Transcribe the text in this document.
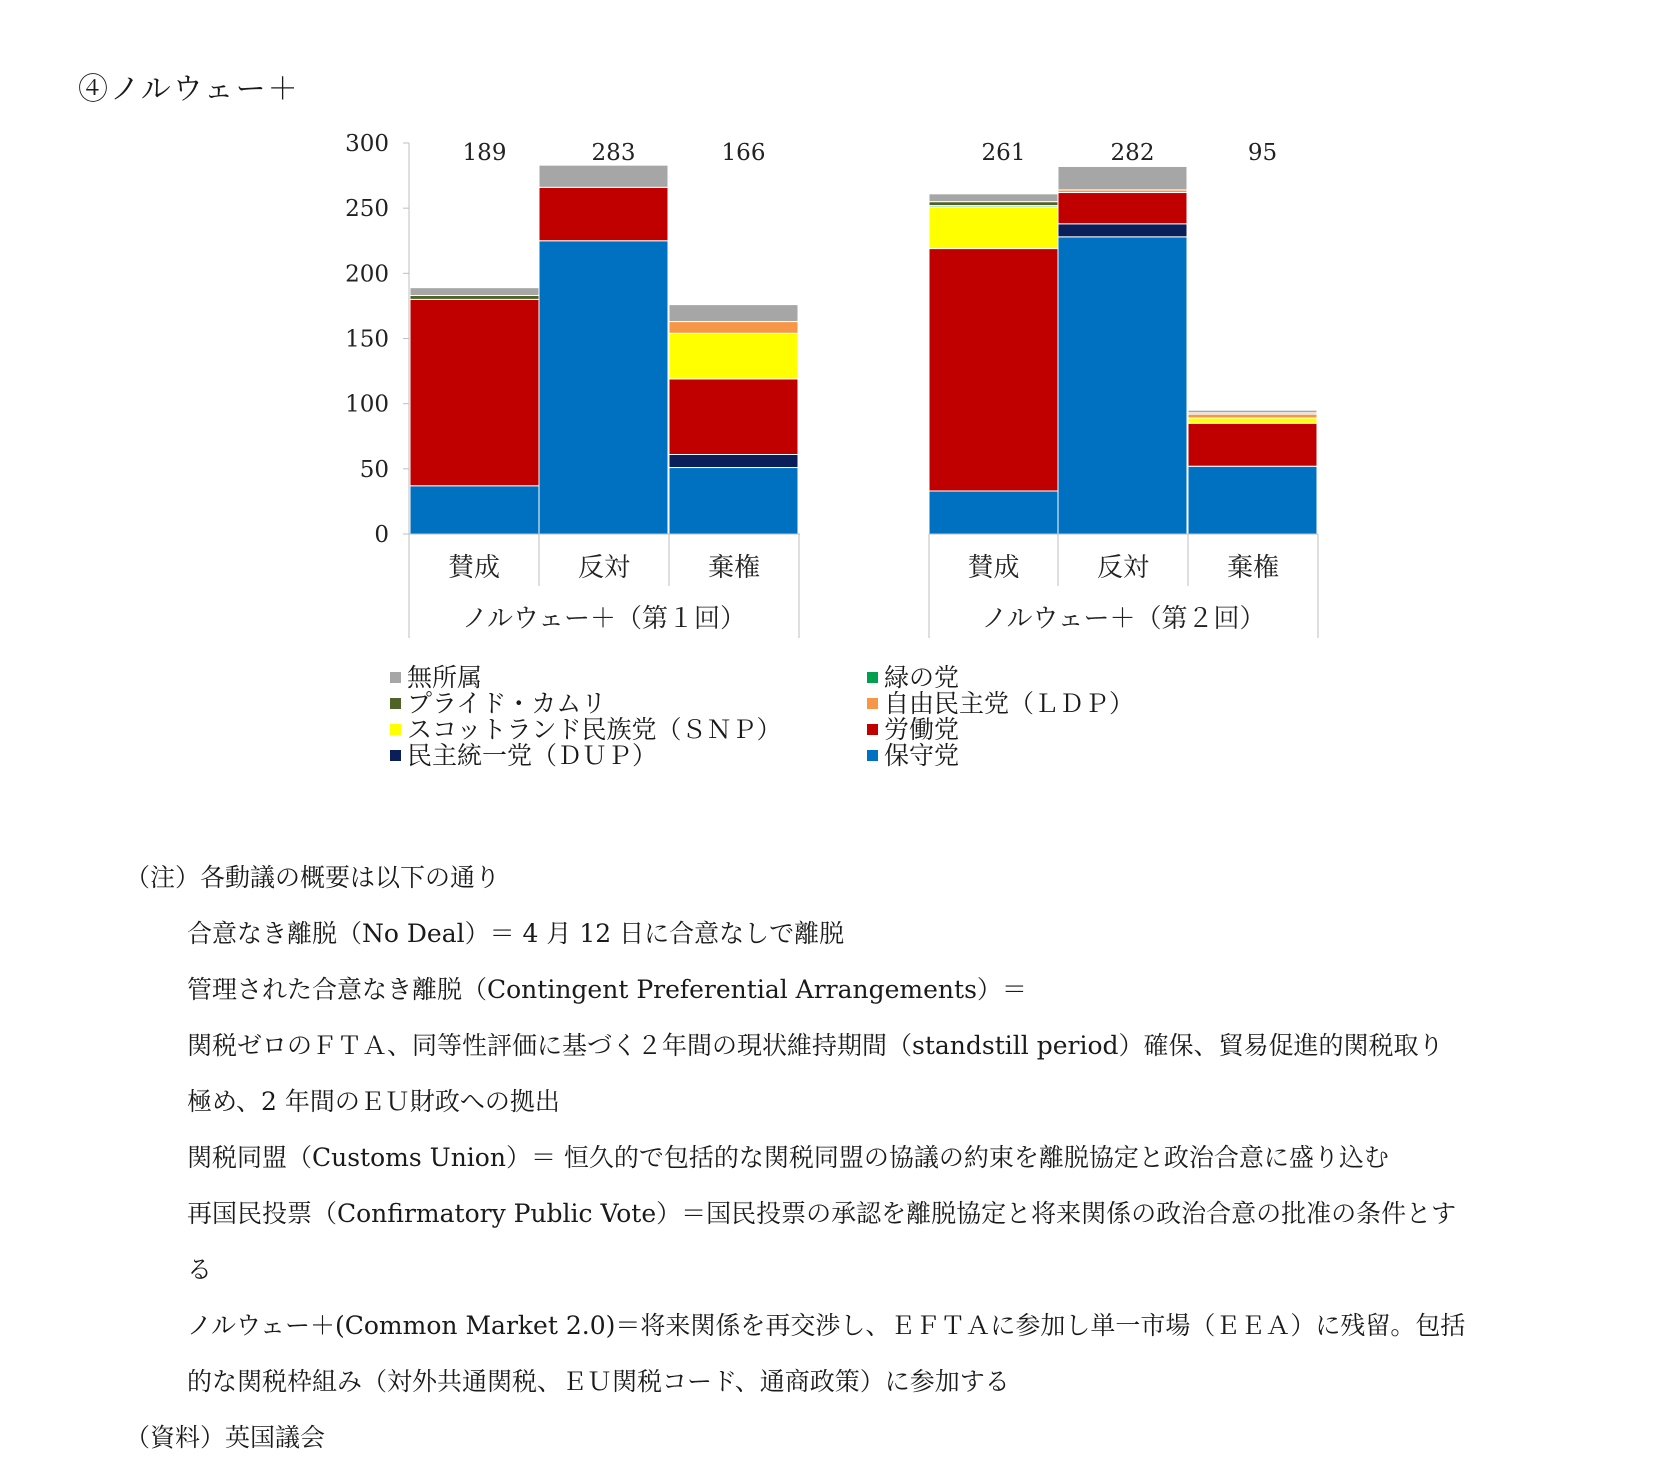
④ノルウェー＋
0
50
100
150
200
250
300	189	283	166	261	282	95
賛成	反対	棄権
ノルウェー＋（第１回）
賛成	反対	棄権
ノルウェー＋（第２回）
無所属	緑の党
プライド・カムリ	自由民主党（ＬＤＰ）
スコットランド民族党（ＳＮＰ）	労働党
民主統一党（ＤＵＰ）	保守党
（注）各動議の概要は以下の通り
合意なき離脱（No Deal）＝ 4 月 12 日に合意なしで離脱
管理された合意なき離脱（Contingent Preferential Arrangements）＝
関税ゼロのＦＴＡ、同等性評価に基づく２年間の現状維持期間（standstill period）確保、貿易促進的関税取り
極め、2 年間のＥＵ財政への拠出
関税同盟（Customs Union）＝ 恒久的で包括的な関税同盟の協議の約束を離脱協定と政治合意に盛り込む
再国民投票（Confirmatory Public Vote）＝国民投票の承認を離脱協定と将来関係の政治合意の批准の条件とす
る
ノルウェー＋(Common Market 2.0)＝将来関係を再交渉し、ＥＦＴＡに参加し単一市場（ＥＥＡ）に残留。包括
的な関税枠組み（対外共通関税、ＥＵ関税コード、通商政策）に参加する
（資料）英国議会
